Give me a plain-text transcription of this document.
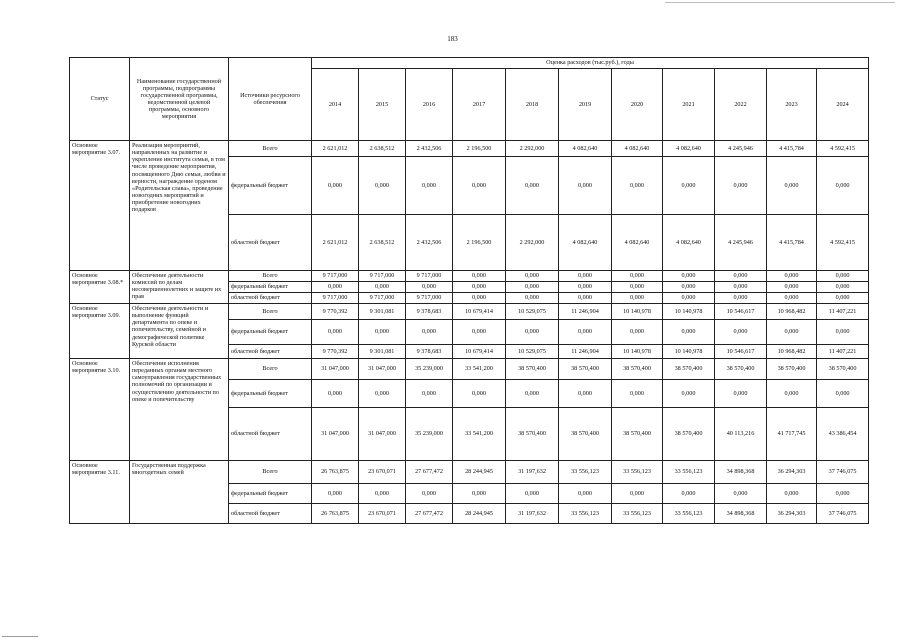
183
Статус	Наименование государственной программы, подпрограммы государственной программы, ведомственной целевой программы, основного мероприятия	Источники ресурсного обеспечения	Оценка расходов (тыс.руб.), годы										
			2014	2015	2016	2017	2018	2019	2020	2021	2022	2023	2024
Основное мероприятие 3.07.	Реализация мероприятий, направленных на развитие и укрепление института семьи, в том числе проведение мероприятия, посвященного Дню семьи, любви и верности, награждение орденом «Родительская слава», проведение новогодних мероприятий и приобретение новогодних подарков	Всего	2 621,012	2 638,512	2 432,506	2 196,500	2 292,000	4 082,640	4 082,640	4 082,640	4 245,946	4 415,784	4 592,415
		федеральный бюджет	0,000	0,000	0,000	0,000	0,000	0,000	0,000	0,000	0,000	0,000	0,000
		областной бюджет	2 621,012	2 638,512	2 432,506	2 196,500	2 292,000	4 082,640	4 082,640	4 082,640	4 245,946	4 415,784	4 592,415
Основное мероприятие 3.08.*	Обеспечение деятельности комиссий по делам несовершеннолетних и защите их прав	Всего	9 717,000	9 717,000	9 717,000	0,000	0,000	0,000	0,000	0,000	0,000	0,000	0,000
		федеральный бюджет	0,000	0,000	0,000	0,000	0,000	0,000	0,000	0,000	0,000	0,000	0,000
		областной бюджет	9 717,000	9 717,000	9 717,000	0,000	0,000	0,000	0,000	0,000	0,000	0,000	0,000
Основное мероприятие 3.09.	Обеспечение деятельности и выполнение функций департамента по опеке и попечительству, семейной и демографической политике Курской области	Всего	9 770,392	9 301,081	9 378,683	10 679,414	10 529,075	11 246,904	10 140,978	10 140,978	10 546,617	10 968,482	11 407,221
		федеральный бюджет	0,000	0,000	0,000	0,000	0,000	0,000	0,000	0,000	0,000	0,000	0,000
		областной бюджет	9 770,392	9 301,081	9 378,683	10 679,414	10 529,075	11 246,904	10 140,978	10 140,978	10 546,617	10 968,482	11 407,221
Основное мероприятие 3.10.	Обеспечение исполнения переданных органам местного самоуправления государственных полномочий по организации и осуществлению деятельности по опеке и попечительству	Всего	31 047,000	31 047,000	35 239,000	33 541,200	38 570,400	38 570,400	38 570,400	38 570,400	38 570,400	38 570,400	38 570,400
		федеральный бюджет	0,000	0,000	0,000	0,000	0,000	0,000	0,000	0,000	0,000	0,000	0,000
		областной бюджет	31 047,000	31 047,000	35 239,000	33 541,200	38 570,400	38 570,400	38 570,400	38 570,400	40 113,216	41 717,745	43 386,454
Основное мероприятие 3.11.	Государственная поддержка многодетных семей	Всего	26 763,875	23 670,071	27 677,472	28 244,945	31 197,632	33 556,123	33 556,123	33 556,123	34 898,368	36 294,303	37 746,075
		федеральный бюджет	0,000	0,000	0,000	0,000	0,000	0,000	0,000	0,000	0,000	0,000	0,000
		областной бюджет	26 763,875	23 670,071	27 677,472	28 244,945	31 197,632	33 556,123	33 556,123	33 556,123	34 898,368	36 294,303	37 746,075
